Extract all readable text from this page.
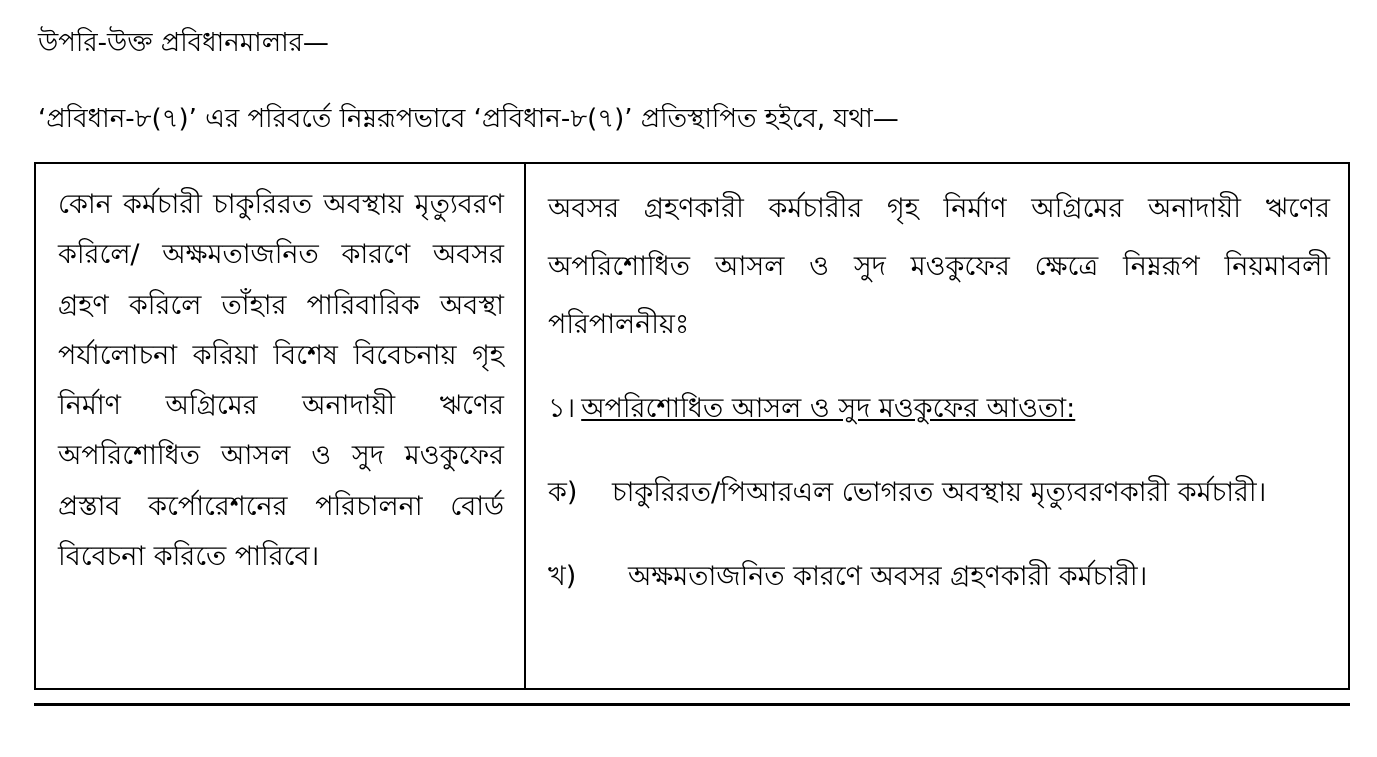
উপরি-উক্ত প্রবিধানমালার—
‘প্রবিধান-৮(৭)’ এর পরিবর্তে নিম্নরূপভাবে ‘প্রবিধান-৮(৭)’ প্রতিস্থাপিত হইবে, যথা—
কোন কর্মচারী চাকুরিরত অবস্থায় মৃত্যুবরণ করিলে/ অক্ষমতাজনিত কারণে অবসর গ্রহণ করিলে তাঁহার পারিবারিক অবস্থা পর্যালোচনা করিয়া বিশেষ বিবেচনায় গৃহ নির্মাণ অগ্রিমের অনাদায়ী ঋণের অপরিশোধিত আসল ও সুদ মওকুফের প্রস্তাব কর্পোরেশনের পরিচালনা বোর্ড বিবেচনা করিতে পারিবে।

অবসর গ্রহণকারী কর্মচারীর গৃহ নির্মাণ অগ্রিমের অনাদায়ী ঋণের অপরিশোধিত আসল ও সুদ মওকুফের ক্ষেত্রে নিম্নরূপ নিয়মাবলী পরিপালনীয়ঃ

১। অপরিশোধিত আসল ও সুদ মওকুফের আওতা:

ক)	চাকুরিরত/পিআরএল ভোগরত অবস্থায় মৃত্যুবরণকারী কর্মচারী।

খ)	অক্ষমতাজনিত কারণে অবসর গ্রহণকারী কর্মচারী।
